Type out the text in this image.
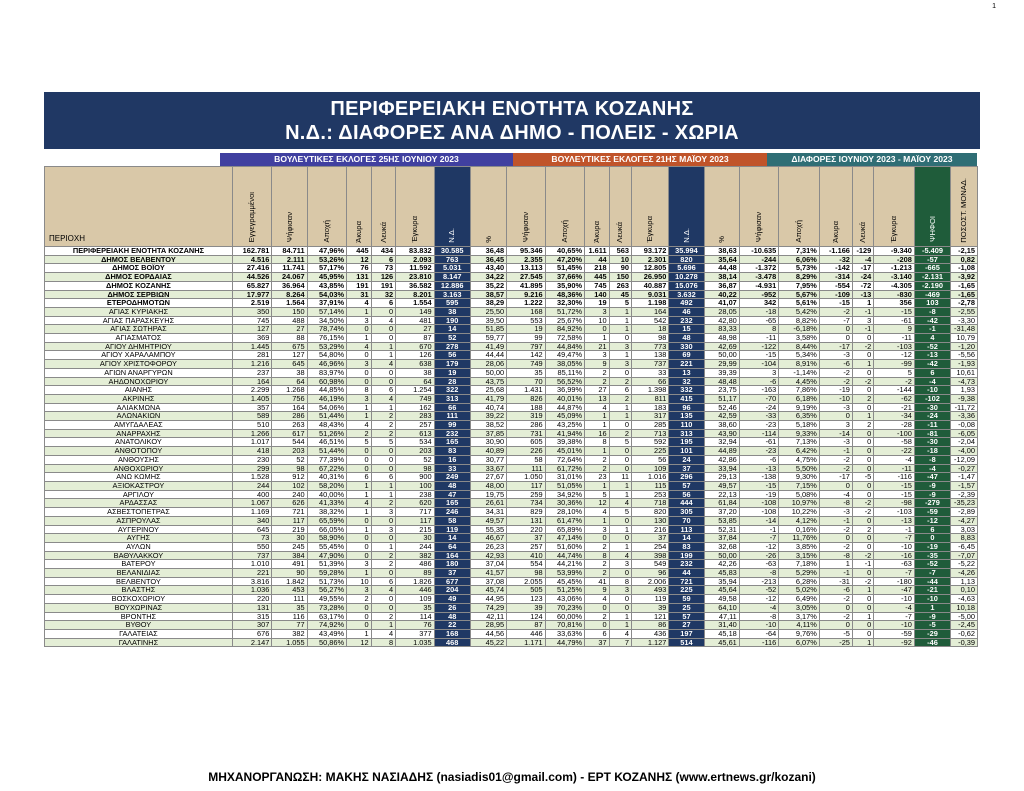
1
ΠΕΡΙΦΕΡΕΙΑΚΗ ΕΝΟΤΗΤΑ ΚΟΖΑΝΗΣ
Ν.Δ.: ΔΙΑΦΟΡΕΣ ΑΝΑ ΔΗΜΟ - ΠΟΛΕΙΣ - ΧΩΡΙΑ
ΒΟΥΛΕΥΤΙΚΕΣ ΕΚΛΟΓΕΣ 25ΗΣ ΙΟΥΝΙΟΥ 2023	ΒΟΥΛΕΥΤΙΚΕΣ ΕΚΛΟΓΕΣ 21ΗΣ ΜΑΪΟΥ 2023	ΔΙΑΦΟΡΕΣ ΙΟΥΝΙΟΥ 2023 - ΜΑΪΟΥ 2023
ΠΕΡΙΟΧΗ	Εγγεγραμμένοι	Ψήφισαν	Αποχή	Άκυρα	Λευκά	Έγκυρα	Ν.Δ.	%	Ψήφισαν	Αποχή	Άκυρα	Λευκά	Έγκυρα	Ν.Δ.	%	Ψήφισαν	Αποχή	Άκυρα	Λευκά	Έγκυρα	ΨΗΦΟΙ	ΠΟΣΟΣΤ. ΜΟΝΑΔ.
ΠΕΡΙΦΕΡΕΙΑΚΗ ΕΝΟΤΗΤΑ ΚΟΖΑΝΗΣ	162.781	84.711	47,96%	445	434	83.832	30.585	36,48	95.346	40,65%	1.611	563	93.172	35.994	38,63	-10.635	7,31%	-1.166	-129	-9.340	-5.409	-2,15
ΔΗΜΟΣ ΒΕΛΒΕΝΤΟΥ	4.516	2.111	53,26%	12	6	2.093	763	36,45	2.355	47,20%	44	10	2.301	820	35,64	-244	6,06%	-32	-4	-208	-57	0,82
ΔΗΜΟΣ ΒΟΪΟΥ	27.416	11.741	57,17%	76	73	11.592	5.031	43,40	13.113	51,45%	218	90	12.805	5.696	44,48	-1.372	5,73%	-142	-17	-1.213	-665	-1,08
ΔΗΜΟΣ ΕΟΡΔΑΙΑΣ	44.526	24.067	45,95%	131	126	23.810	8.147	34,22	27.545	37,66%	445	150	26.950	10.278	38,14	-3.478	8,29%	-314	-24	-3.140	-2.131	-3,92
ΔΗΜΟΣ ΚΟΖΑΝΗΣ	65.827	36.964	43,85%	191	191	36.582	12.886	35,22	41.895	35,90%	745	263	40.887	15.076	36,87	-4.931	7,95%	-554	-72	-4.305	-2.190	-1,65
ΔΗΜΟΣ ΣΕΡΒΙΩΝ	17.977	8.264	54,03%	31	32	8.201	3.163	38,57	9.216	48,36%	140	45	9.031	3.632	40,22	-952	5,67%	-109	-13	-830	-469	-1,65
ΕΤΕΡΟΔΗΜΟΤΩΝ	2.519	1.564	37,91%	4	6	1.554	595	38,29	1.222	32,30%	19	5	1.198	492	41,07	342	5,61%	-15	1	356	103	-2,78
ΑΓΙΑΣ ΚΥΡΙΑΚΗΣ	350	150	57,14%	1	0	149	38	25,50	168	51,72%	3	1	164	46	28,05	-18	5,42%	-2	-1	-15	-8	-2,55
ΑΓΙΑΣ ΠΑΡΑΣΚΕΥΗΣ	745	488	34,50%	3	4	481	190	39,50	553	25,67%	10	1	542	232	42,80	-65	8,82%	-7	3	-61	-42	-3,30
ΑΓΙΑΣ ΣΩΤΗΡΑΣ	127	27	78,74%	0	0	27	14	51,85	19	84,92%	0	1	18	15	83,33	8	-6,18%	0	-1	9	-1	-31,48
ΑΓΙΑΣΜΑΤΟΣ	369	88	76,15%	1	0	87	52	59,77	99	72,58%	1	0	98	48	48,98	-11	3,58%	0	0	-11	4	10,79
ΑΓΙΟΥ ΔΗΜΗΤΡΙΟΥ	1.445	675	53,29%	4	1	670	278	41,49	797	44,84%	21	3	773	330	42,69	-122	8,44%	-17	-2	-103	-52	-1,20
ΑΓΙΟΥ ΧΑΡΑΛΑΜΠΟΥ	281	127	54,80%	0	1	126	56	44,44	142	49,47%	3	1	138	69	50,00	-15	5,34%	-3	0	-12	-13	-5,56
ΑΓΙΟΥ ΧΡΙΣΤΟΦΟΡΟΥ	1.216	645	46,96%	3	4	638	179	28,06	749	38,05%	9	3	737	221	29,99	-104	8,91%	-6	1	-99	-42	-1,93
ΑΓΙΩΝ ΑΝΑΡΓΥΡΩΝ	237	38	83,97%	0	0	38	19	50,00	35	85,11%	2	0	33	13	39,39	3	-1,14%	-2	0	5	6	10,61
ΑΗΔΟΝΟΧΩΡΙΟΥ	164	64	60,98%	0	0	64	28	43,75	70	56,52%	2	2	66	32	48,48	-6	4,45%	-2	-2	-2	-4	-4,73
ΑΙΑΝΗΣ	2.299	1.268	44,85%	8	6	1.254	322	25,68	1.431	36,99%	27	6	1.398	332	23,75	-163	7,86%	-19	0	-144	-10	1,93
ΑΚΡΙΝΗΣ	1.405	756	46,19%	3	4	749	313	41,79	826	40,01%	13	2	811	415	51,17	-70	6,18%	-10	2	-62	-102	-9,38
ΑΛΙΑΚΜΩΝΑ	357	164	54,06%	1	1	162	66	40,74	188	44,87%	4	1	183	96	52,46	-24	9,19%	-3	0	-21	-30	-11,72
ΑΛΩΝΑΚΙΩΝ	589	286	51,44%	1	2	283	111	39,22	319	45,09%	1	1	317	135	42,59	-33	6,35%	0	1	-34	-24	-3,36
ΑΜΥΓΔΑΛΕΑΣ	510	263	48,43%	4	2	257	99	38,52	286	43,25%	1	0	285	110	38,60	-23	5,18%	3	2	-28	-11	-0,08
ΑΝΑΡΡΑΧΗΣ	1.266	617	51,26%	2	2	613	232	37,85	731	41,94%	16	2	713	313	43,90	-114	9,33%	-14	0	-100	-81	-6,05
ΑΝΑΤΟΛΙΚΟΥ	1.017	544	46,51%	5	5	534	165	30,90	605	39,38%	8	5	592	195	32,94	-61	7,13%	-3	0	-58	-30	-2,04
ΑΝΘΟΤΟΠΟΥ	418	203	51,44%	0	0	203	83	40,89	226	45,01%	1	0	225	101	44,89	-23	6,42%	-1	0	-22	-18	-4,00
ΑΝΘΟΥΣΗΣ	230	52	77,39%	0	0	52	16	30,77	58	72,64%	2	0	56	24	42,86	-6	4,75%	-2	0	-4	-8	-12,09
ΑΝΘΟΧΩΡΙΟΥ	299	98	67,22%	0	0	98	33	33,67	111	61,72%	2	0	109	37	33,94	-13	5,50%	-2	0	-11	-4	-0,27
ΑΝΩ ΚΩΜΗΣ	1.528	912	40,31%	6	6	900	249	27,67	1.050	31,01%	23	11	1.016	296	29,13	-138	9,30%	-17	-5	-116	-47	-1,47
ΑΞΙΟΚΑΣΤΡΟΥ	244	102	58,20%	1	1	100	48	48,00	117	51,05%	1	1	115	57	49,57	-15	7,15%	0	0	-15	-9	-1,57
ΑΡΓΙΛΟΥ	400	240	40,00%	1	1	238	47	19,75	259	34,92%	5	1	253	56	22,13	-19	5,08%	-4	0	-15	-9	-2,39
ΑΡΔΑΣΣΑΣ	1.067	626	41,33%	4	2	620	165	26,61	734	30,36%	12	4	718	444	61,84	-108	10,97%	-8	-2	-98	-279	-35,23
ΑΣΒΕΣΤΟΠΕΤΡΑΣ	1.169	721	38,32%	1	3	717	246	34,31	829	28,10%	4	5	820	305	37,20	-108	10,22%	-3	-2	-103	-59	-2,89
ΑΣΠΡΟΥΛΑΣ	340	117	65,59%	0	0	117	58	49,57	131	61,47%	1	0	130	70	53,85	-14	4,12%	-1	0	-13	-12	-4,27
ΑΥΓΕΡΙΝΟΥ	645	219	66,05%	1	3	215	119	55,35	220	65,89%	3	1	216	113	52,31	-1	0,16%	-2	2	-1	6	3,03
ΑΥΓΗΣ	73	30	58,90%	0	0	30	14	46,67	37	47,14%	0	0	37	14	37,84	-7	11,76%	0	0	-7	0	8,83
ΑΥΛΩΝ	550	245	55,45%	0	1	244	64	26,23	257	51,60%	2	1	254	83	32,68	-12	3,85%	-2	0	-10	-19	-6,45
ΒΑΘΥΛΑΚΚΟΥ	737	384	47,90%	0	2	382	164	42,93	410	44,74%	8	4	398	199	50,00	-26	3,15%	-8	-2	-16	-35	-7,07
ΒΑΤΕΡΟΥ	1.010	491	51,39%	3	2	486	180	37,04	554	44,21%	2	3	549	232	42,26	-63	7,18%	1	-1	-63	-52	-5,22
ΒΕΛΑΝΙΔΙΑΣ	221	90	59,28%	1	0	89	37	41,57	98	53,99%	2	0	96	44	45,83	-8	5,29%	-1	0	-7	-7	-4,26
ΒΕΛΒΕΝΤΟΥ	3.816	1.842	51,73%	10	6	1.826	677	37,08	2.055	45,45%	41	8	2.006	721	35,94	-213	6,28%	-31	-2	-180	-44	1,13
ΒΛΑΣΤΗΣ	1.036	453	56,27%	3	4	446	204	45,74	505	51,25%	9	3	493	225	45,64	-52	5,02%	-6	1	-47	-21	0,10
ΒΟΣΚΟΧΩΡΙΟΥ	220	111	49,55%	2	0	109	49	44,95	123	43,06%	4	0	119	59	49,58	-12	6,49%	-2	0	-10	-10	-4,63
ΒΟΥΧΩΡΙΝΑΣ	131	35	73,28%	0	0	35	26	74,29	39	70,23%	0	0	39	25	64,10	-4	3,05%	0	0	-4	1	10,18
ΒΡΟΝΤΗΣ	315	116	63,17%	0	2	114	48	42,11	124	60,00%	2	1	121	57	47,11	-8	3,17%	-2	1	-7	-9	-5,00
ΒΥΘΟΥ	307	77	74,92%	0	1	76	22	28,95	87	70,81%	0	1	86	27	31,40	-10	4,11%	0	0	-10	-5	-2,45
ΓΑΛΑΤΕΙΑΣ	676	382	43,49%	1	4	377	168	44,56	446	33,63%	6	4	436	197	45,18	-64	9,76%	-5	0	-59	-29	-0,62
ΓΑΛΑΤΙΝΗΣ	2.147	1.055	50,86%	12	8	1.035	468	45,22	1.171	44,79%	37	7	1.127	514	45,61	-116	6,07%	-25	1	-92	-46	-0,39
ΜΗΧΑΝΟΡΓΑΝΩΣΗ: ΜΑΚΗΣ ΝΑΣΙΑΔΗΣ (nasiadis01@gmail.com) - ΕΡΤ ΚΟΖΑΝΗΣ (www.ertnews.gr/kozani)
